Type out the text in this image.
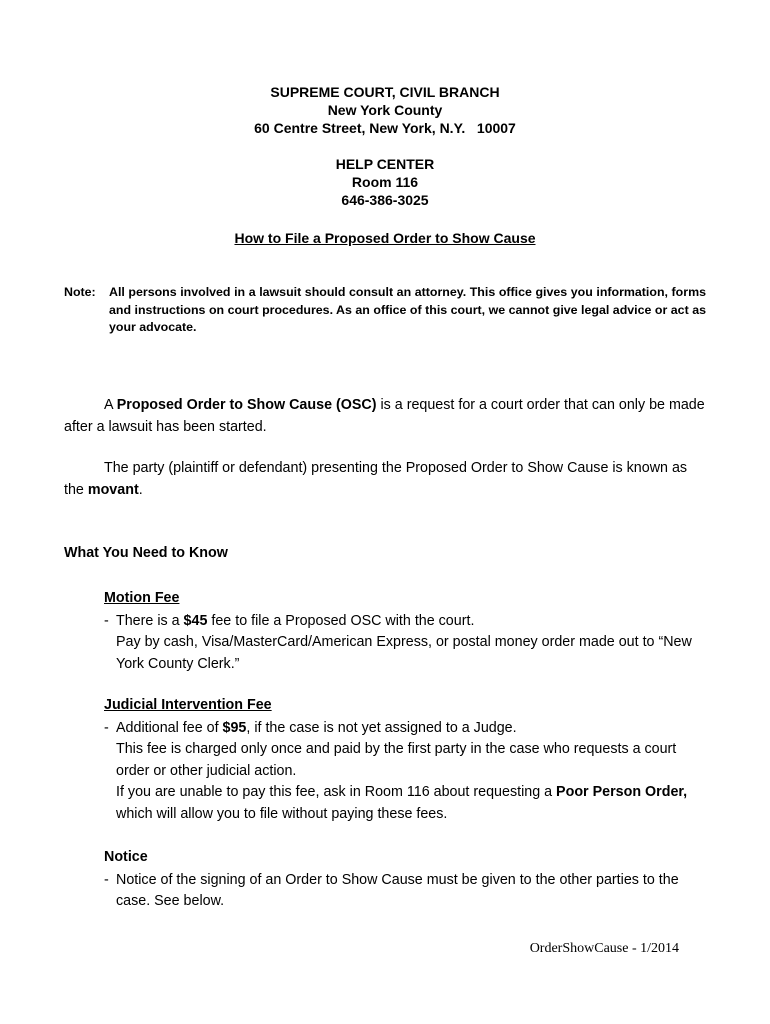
SUPREME COURT, CIVIL BRANCH
New York County
60 Centre Street, New York, N.Y.   10007
HELP CENTER
Room 116
646-386-3025
How to File a Proposed Order to Show Cause
Note: All persons involved in a lawsuit should consult an attorney. This office gives you information, forms and instructions on court procedures. As an office of this court, we cannot give legal advice or act as your advocate.
A Proposed Order to Show Cause (OSC) is a request for a court order that can only be made after a lawsuit has been started.
The party (plaintiff or defendant) presenting the Proposed Order to Show Cause is known as the movant.
What You Need to Know
Motion Fee
- There is a $45 fee to file a Proposed OSC with the court.
Pay by cash, Visa/MasterCard/American Express, or postal money order made out to “New York County Clerk.”
Judicial Intervention Fee
- Additional fee of $95, if the case is not yet assigned to a Judge.
This fee is charged only once and paid by the first party in the case who requests a court order or other judicial action.
If you are unable to pay this fee, ask in Room 116 about requesting a Poor Person Order, which will allow you to file without paying these fees.
Notice
- Notice of the signing of an Order to Show Cause must be given to the other parties to the case. See below.
OrderShowCause - 1/2014
